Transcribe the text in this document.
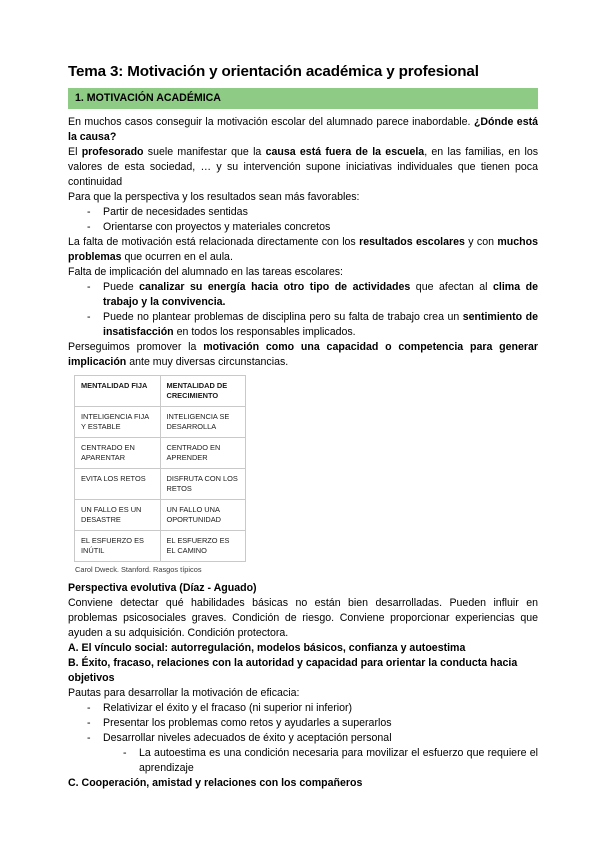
Tema 3: Motivación y orientación académica y profesional
1. MOTIVACIÓN ACADÉMICA

En muchos casos conseguir la motivación escolar del alumnado parece inabordable. ¿Dónde está la causa?

El profesorado suele manifestar que la causa está fuera de la escuela, en las familias, en los valores de esta sociedad, … y su intervención supone iniciativas individuales que tienen poca continuidad

Para que la perspectiva y los resultados sean más favorables:

- Partir de necesidades sentidas
- Orientarse con proyectos y materiales concretos

La falta de motivación está relacionada directamente con los resultados escolares y con muchos problemas que ocurren en el aula.

Falta de implicación del alumnado en las tareas escolares:

- Puede canalizar su energía hacia otro tipo de actividades que afectan al clima de trabajo y la convivencia.
- Puede no plantear problemas de disciplina pero su falta de trabajo crea un sentimiento de insatisfacción en todos los responsables implicados.

Perseguimos promover la motivación como una capacidad o competencia para generar implicación ante muy diversas circunstancias.

MENTALIDAD FIJA	MENTALIDAD DE CRECIMIENTO
INTELIGENCIA FIJA Y ESTABLE	INTELIGENCIA SE DESARROLLA
CENTRADO EN APARENTAR	CENTRADO EN APRENDER
EVITA LOS RETOS	DISFRUTA CON LOS RETOS
UN FALLO ES UN DESASTRE	UN FALLO UNA OPORTUNIDAD
EL ESFUERZO ES INÚTIL	EL ESFUERZO ES EL CAMINO
Carol Dweck. Stanford. Rasgos típicos
Perspectiva evolutiva (Díaz - Aguado)

Conviene detectar qué habilidades básicas no están bien desarrolladas. Pueden influir en problemas psicosociales graves. Condición de riesgo. Conviene proporcionar experiencias que ayuden a su adquisición. Condición protectora.

A. El vínculo social: autorregulación, modelos básicos, confianza y autoestima
B. Éxito, fracaso, relaciones con la autoridad y capacidad para orientar la conducta hacia objetivos

Pautas para desarrollar la motivación de eficacia:

- Relativizar el éxito y el fracaso (ni superior ni inferior)
- Presentar los problemas como retos y ayudarles a superarlos
- Desarrollar niveles adecuados de éxito y aceptación personal
- La autoestima es una condición necesaria para movilizar el esfuerzo que requiere el aprendizaje
C. Cooperación, amistad y relaciones con los compañeros
